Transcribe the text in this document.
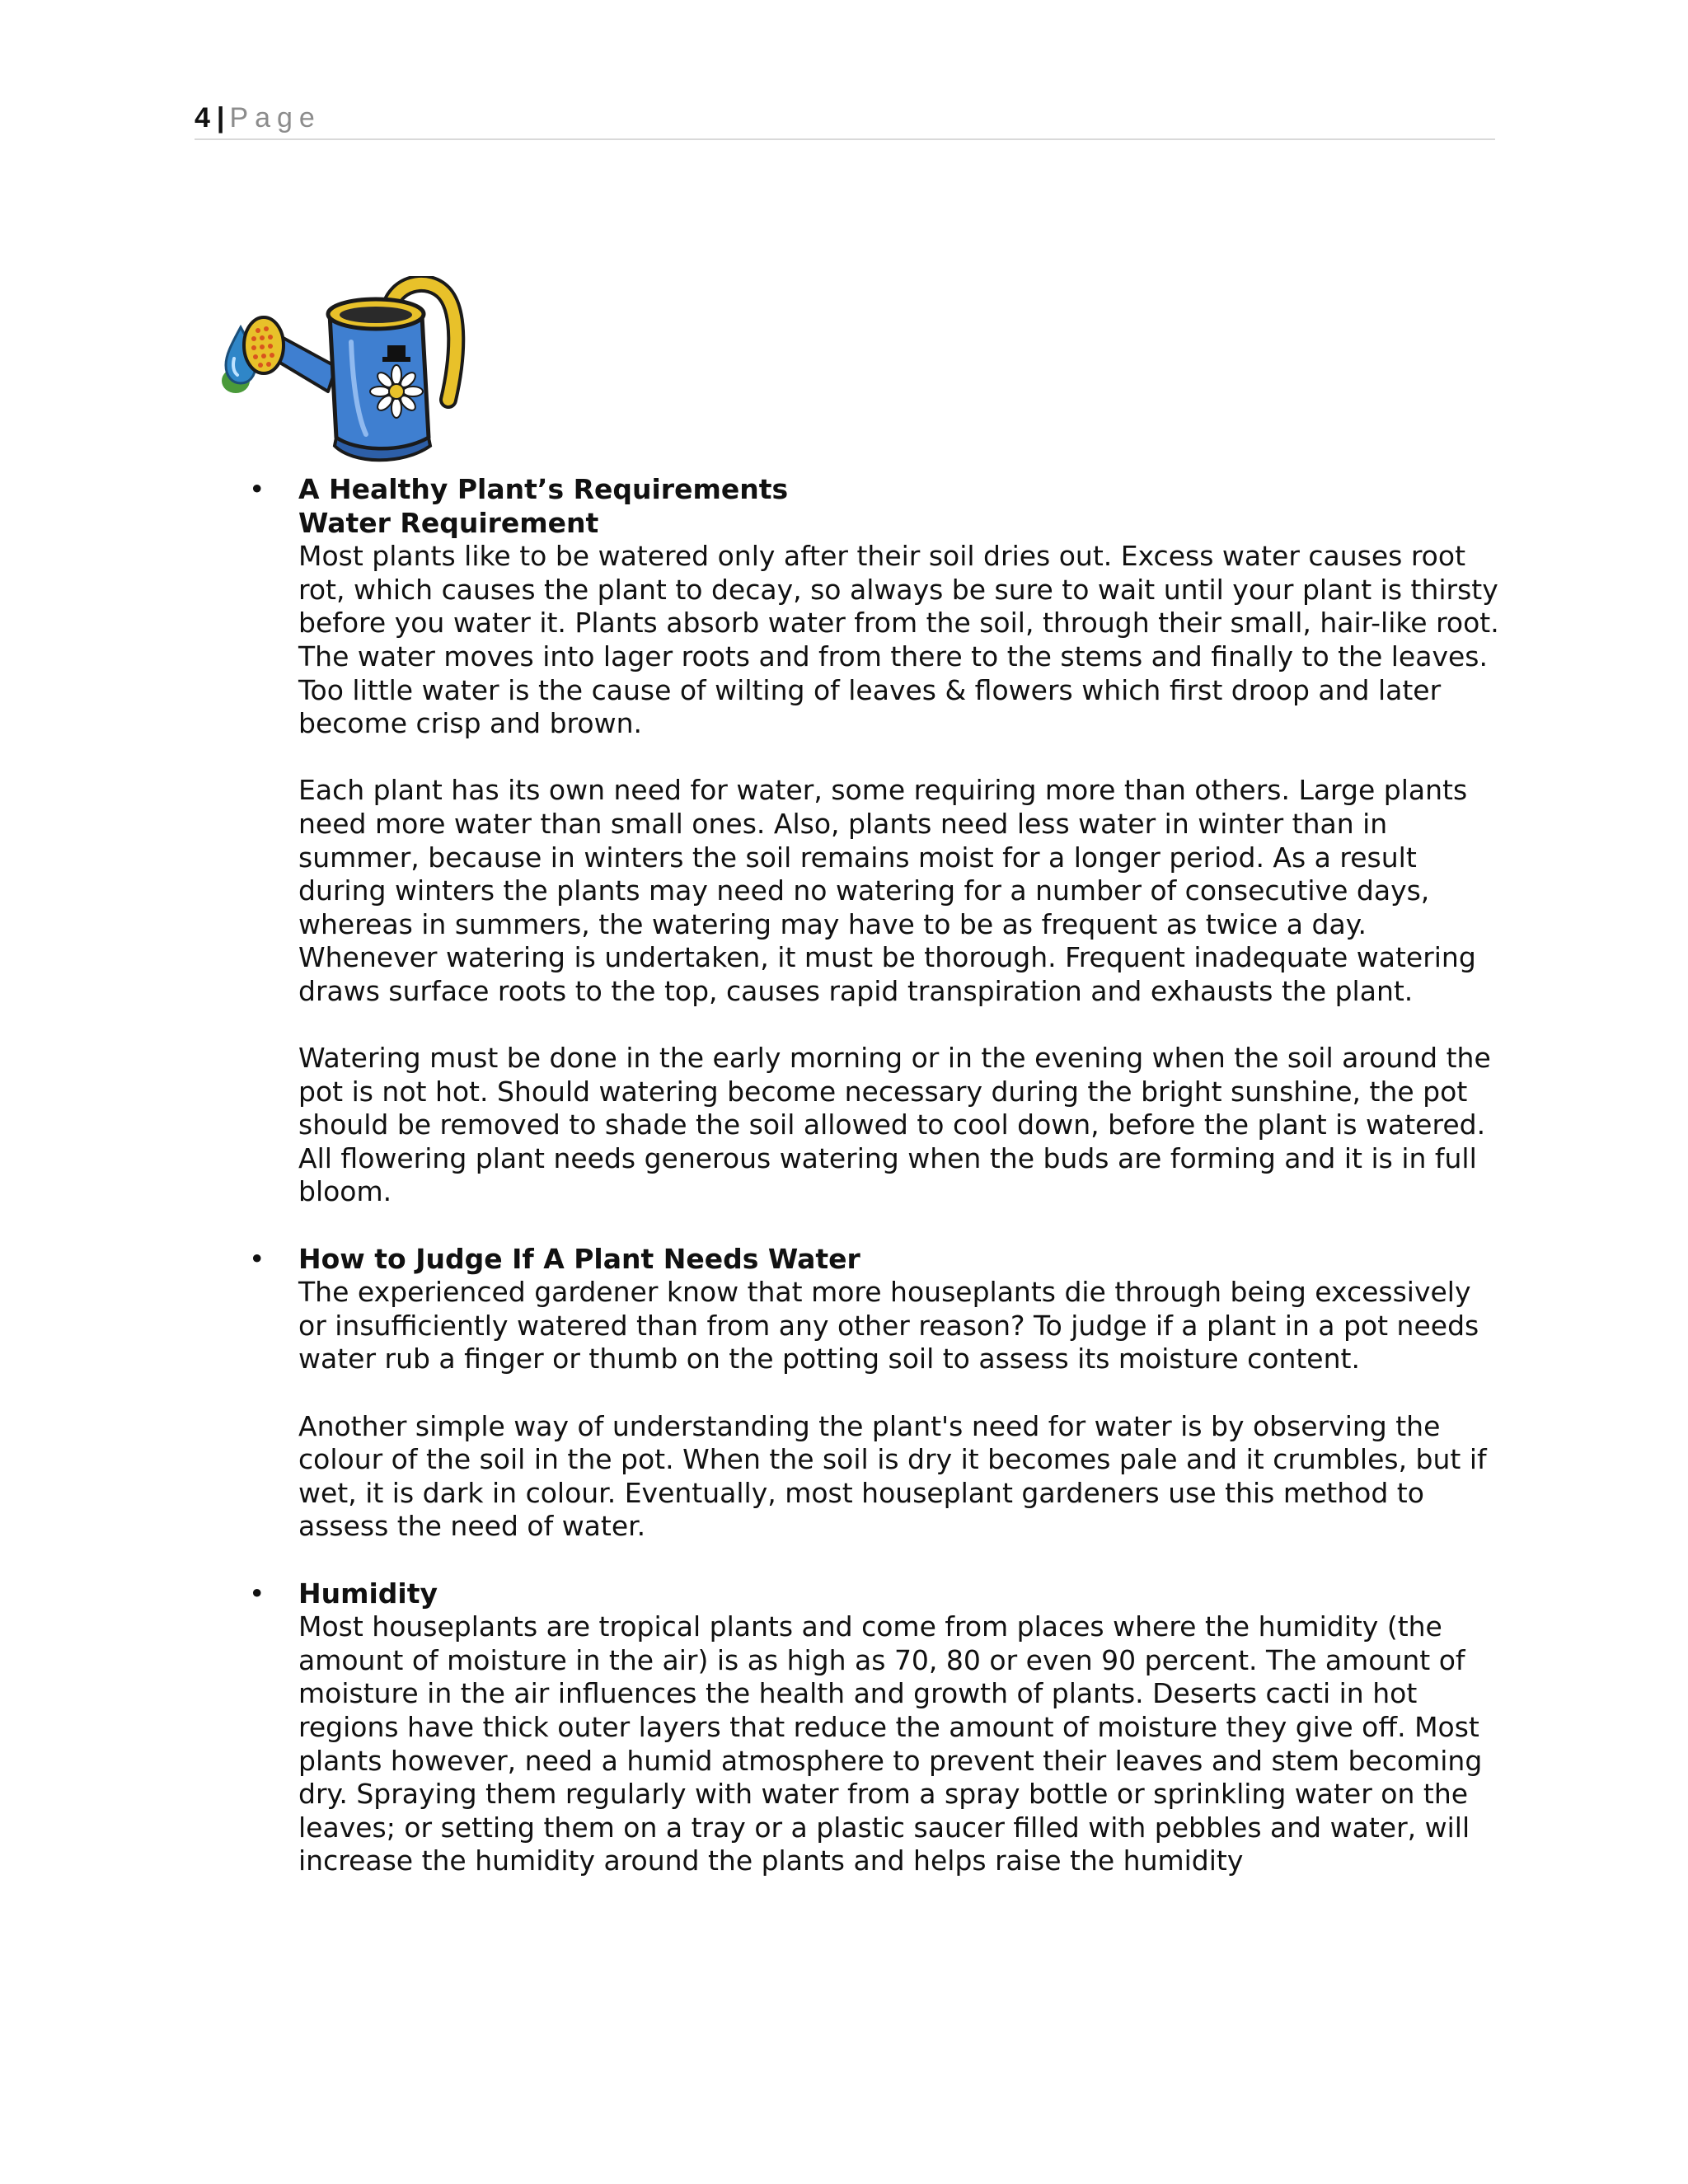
4 | Page
• A Healthy Plant’s Requirements
Water Requirement

Most plants like to be watered only after their soil dries out. Excess water causes root rot, which causes the plant to decay, so always be sure to wait until your plant is thirsty before you water it. Plants absorb water from the soil, through their small, hair-like root. The water moves into lager roots and from there to the stems and finally to the leaves. Too little water is the cause of wilting of leaves & flowers which first droop and later become crisp and brown.

Each plant has its own need for water, some requiring more than others. Large plants need more water than small ones. Also, plants need less water in winter than in summer, because in winters the soil remains moist for a longer period. As a result during winters the plants may need no watering for a number of consecutive days, whereas in summers, the watering may have to be as frequent as twice a day. Whenever watering is undertaken, it must be thorough. Frequent inadequate watering draws surface roots to the top, causes rapid transpiration and exhausts the plant.

Watering must be done in the early morning or in the evening when the soil around the pot is not hot. Should watering become necessary during the bright sunshine, the pot should be removed to shade the soil allowed to cool down, before the plant is watered. All flowering plant needs generous watering when the buds are forming and it is in full bloom.

• How to Judge If A Plant Needs Water

The experienced gardener know that more houseplants die through being excessively or insufficiently watered than from any other reason? To judge if a plant in a pot needs water rub a finger or thumb on the potting soil to assess its moisture content.

Another simple way of understanding the plant's need for water is by observing the colour of the soil in the pot. When the soil is dry it becomes pale and it crumbles, but if wet, it is dark in colour. Eventually, most houseplant gardeners use this method to assess the need of water.

• Humidity

Most houseplants are tropical plants and come from places where the humidity (the amount of moisture in the air) is as high as 70, 80 or even 90 percent. The amount of moisture in the air influences the health and growth of plants. Deserts cacti in hot regions have thick outer layers that reduce the amount of moisture they give off. Most plants however, need a humid atmosphere to prevent their leaves and stem becoming dry. Spraying them regularly with water from a spray bottle or sprinkling water on the leaves; or setting them on a tray or a plastic saucer filled with pebbles and water, will increase the humidity around the plants and helps raise the humidity
